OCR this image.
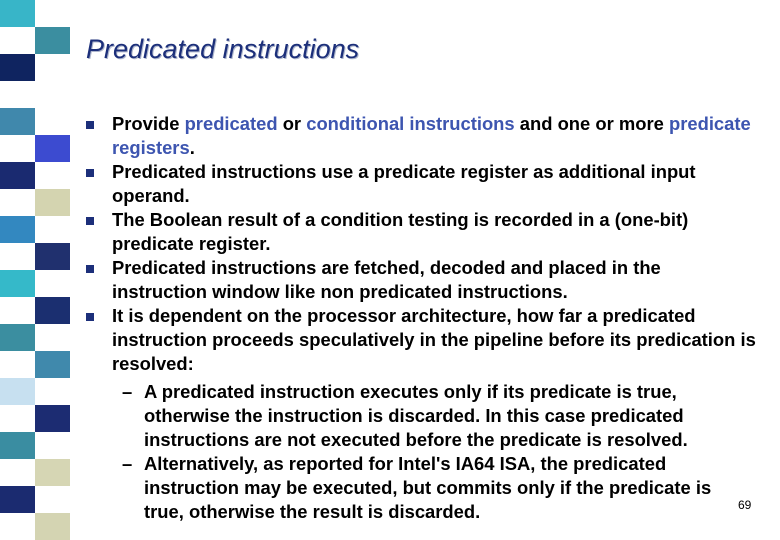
Predicated instructions
Provide predicated or conditional instructions and one or more predicate registers.
Predicated instructions use a predicate register as additional input operand.
The Boolean result of a condition testing is recorded in a (one-bit) predicate register.
Predicated instructions are fetched, decoded and placed in the instruction window like non predicated instructions.
It is dependent on the processor architecture, how far a predicated instruction proceeds speculatively in the pipeline before its predication is resolved:
– A predicated instruction executes only if its predicate is true, otherwise the instruction is discarded. In this case predicated instructions are not executed before the predicate is resolved.
– Alternatively, as reported for Intel's IA64 ISA, the predicated instruction may be executed, but commits only if the predicate is true, otherwise the result is discarded.	69
